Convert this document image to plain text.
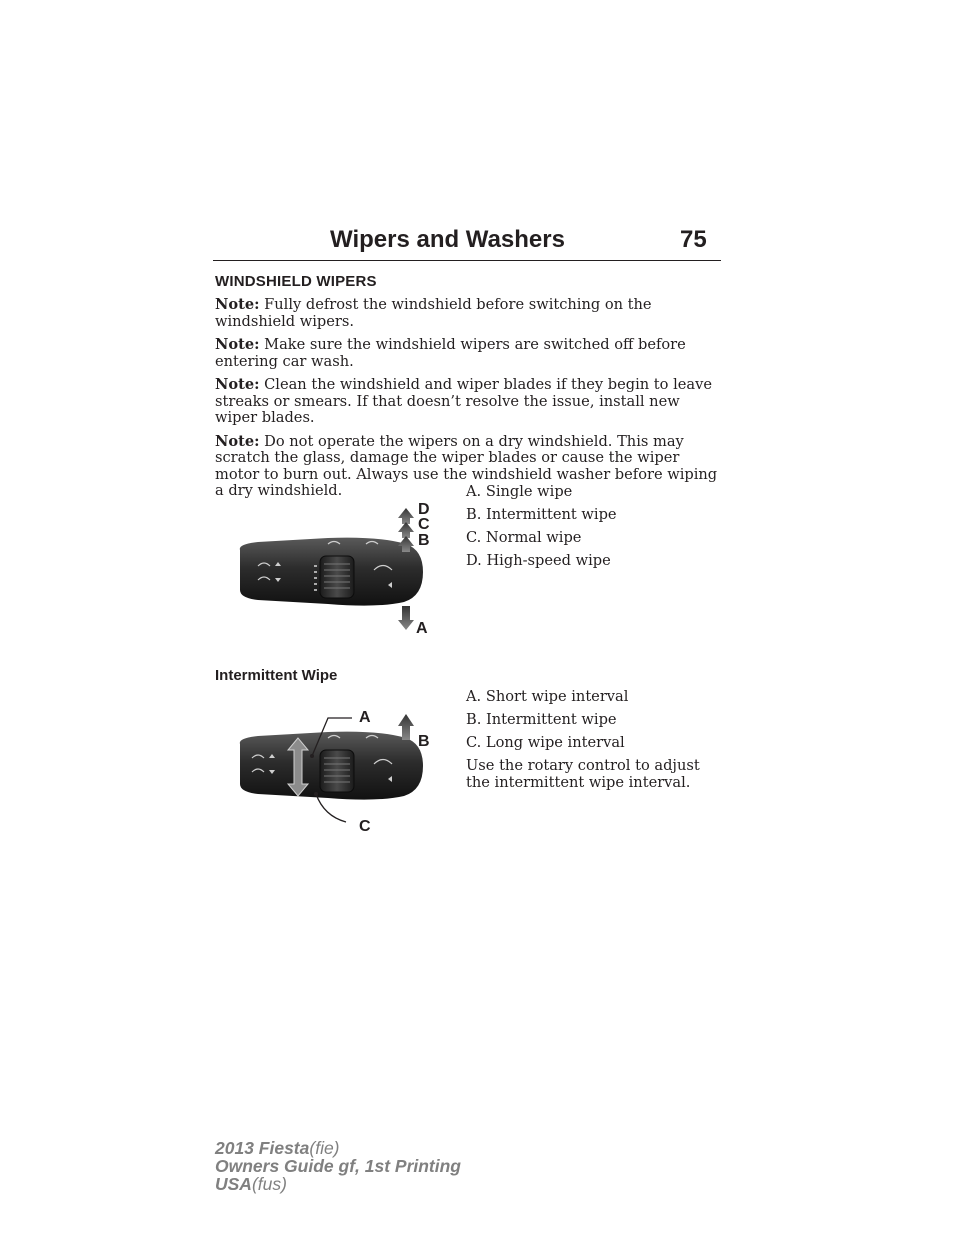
Wipers and Washers	75
WINDSHIELD WIPERS

Note: Fully defrost the windshield before switching on the windshield wipers.

Note: Make sure the windshield wipers are switched off before entering car wash.

Note: Clean the windshield and wiper blades if they begin to leave streaks or smears. If that doesn’t resolve the issue, install new wiper blades.

Note: Do not operate the wipers on a dry windshield. This may scratch the glass, damage the wiper blades or cause the wiper motor to burn out. Always use the windshield washer before wiping a dry windshield.

D
C
B
A
A. Single wipe
B. Intermittent wipe
C. Normal wipe
D. High-speed wipe
Intermittent Wipe
A
B
C
A. Short wipe interval
B. Intermittent wipe
C. Long wipe interval

Use the rotary control to adjust the intermittent wipe interval.

2013 Fiesta(fie)
Owners Guide gf, 1st Printing
USA(fus)
